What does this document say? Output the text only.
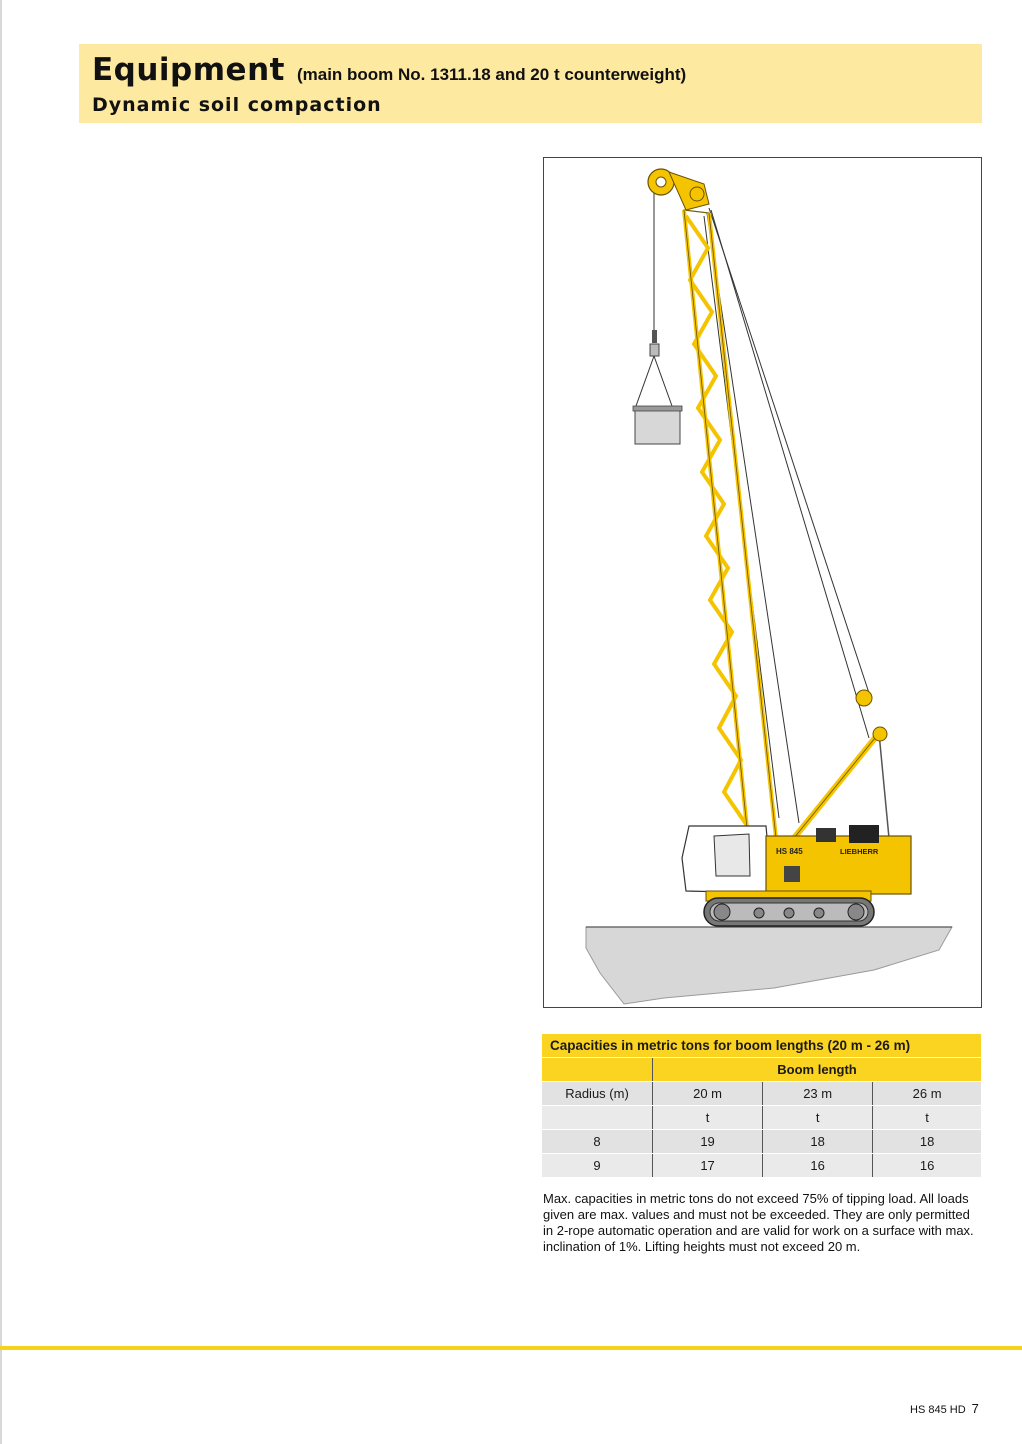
Equipment (main boom No. 1311.18 and 20 t counterweight)
Dynamic soil compaction
HS 845	LIEBHERR
Capacities in metric tons for boom lengths (20 m - 26 m)			
	Boom length		
Radius (m)	20 m	23 m	26 m
	t	t	t
8	19	18	18
9	17	16	16
Max. capacities in metric tons do not exceed 75% of tipping load. All loads given are max. values and must not be exceeded. They are only permitted in 2-rope automatic operation and are valid for work on a surface with max. inclination of 1%. Lifting heights must not exceed 20 m.
HS 845 HD 7
